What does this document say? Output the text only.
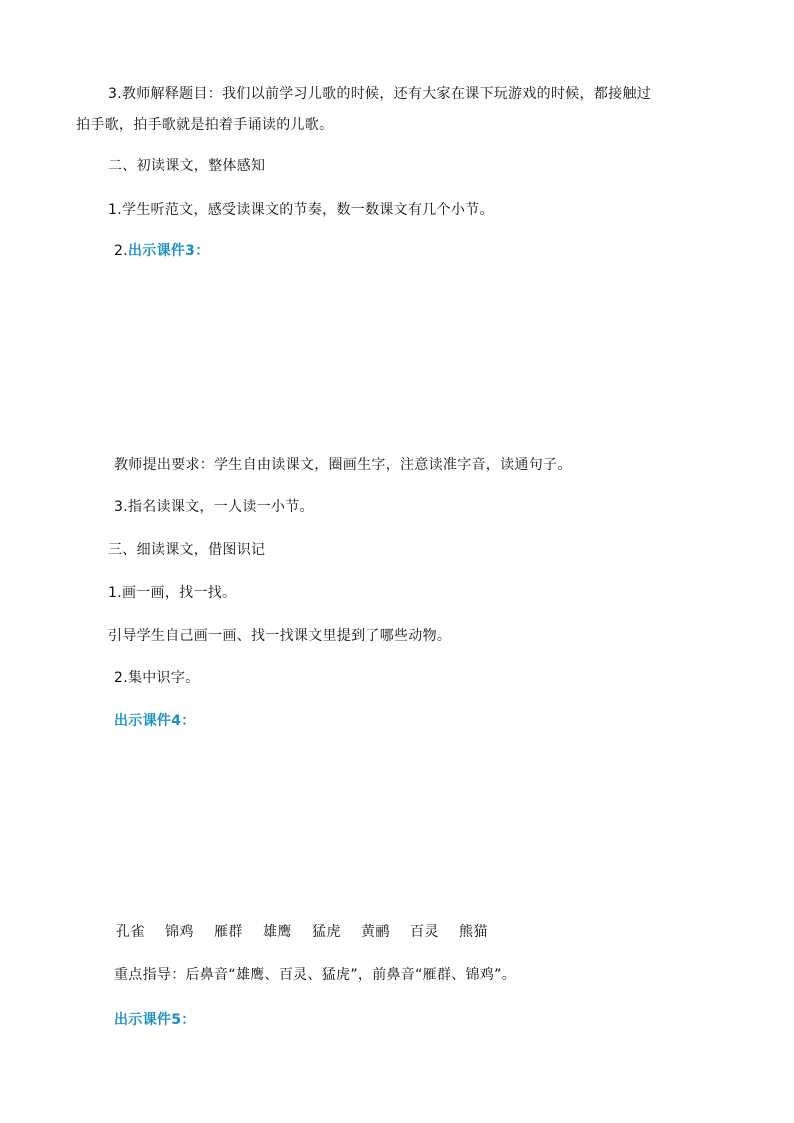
3.教师解释题目：我们以前学习儿歌的时候，还有大家在课下玩游戏的时候，都接触过
拍手歌，拍手歌就是拍着手诵读的儿歌。
二、初读课文，整体感知
1.学生听范文，感受读课文的节奏，数一数课文有几个小节。
2.出示课件3：
教师提出要求：学生自由读课文，圈画生字，注意读准字音，读通句子。
3.指名读课文，一人读一小节。
三、细读课文，借图识记
1.画一画，找一找。
引导学生自己画一画、找一找课文里提到了哪些动物。
2.集中识字。
出示课件4：
孔雀 锦鸡 雁群 雄鹰 猛虎 黄鹂 百灵 熊猫
重点指导：后鼻音“雄鹰、百灵、猛虎”，前鼻音“雁群、锦鸡”。
出示课件5：
